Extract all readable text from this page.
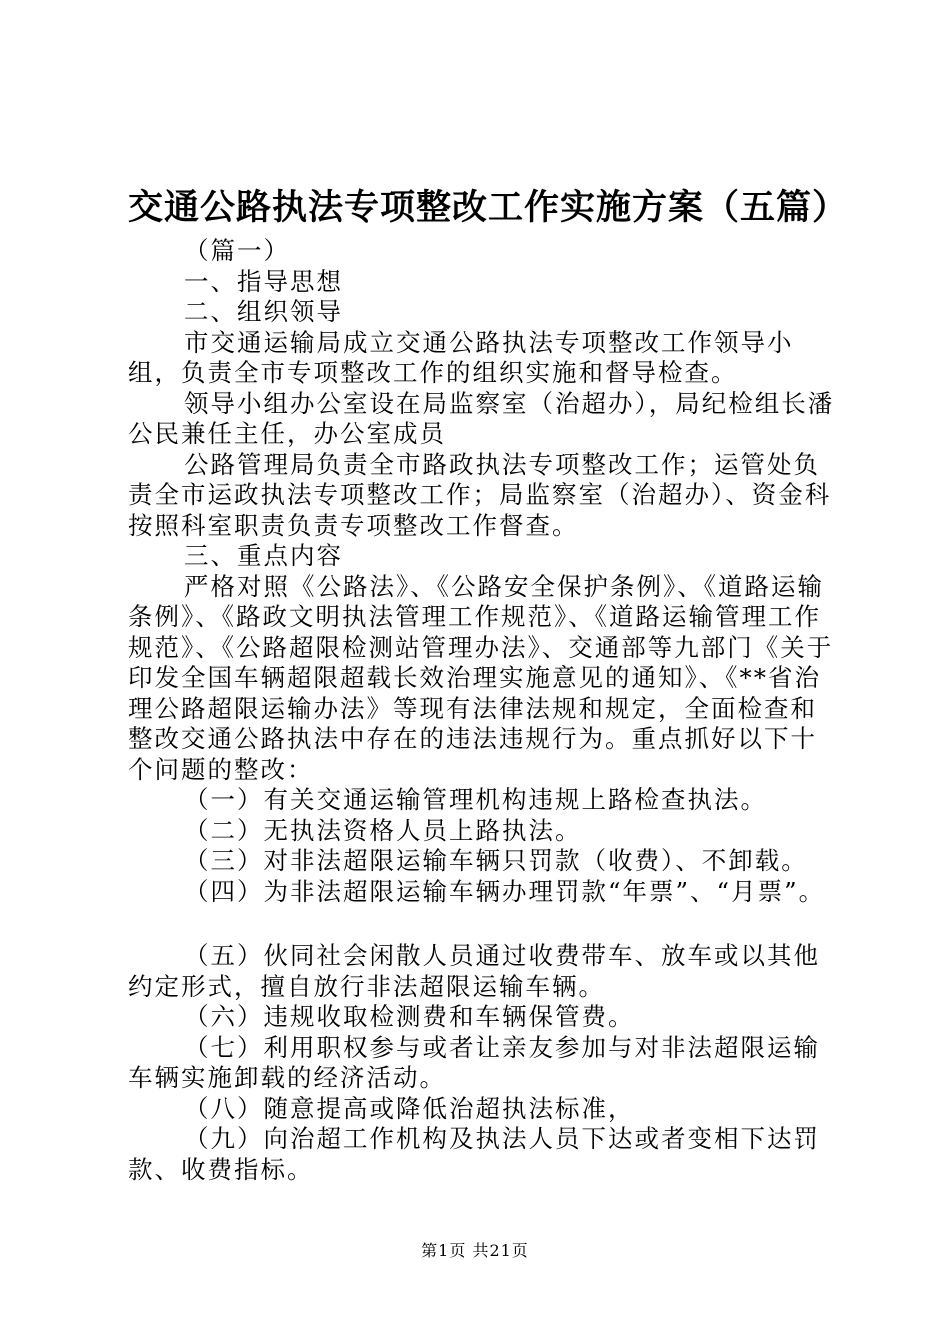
交通公路执法专项整改工作实施方案（五篇）

（篇一）

一、指导思想

二、组织领导

市交通运输局成立交通公路执法专项整改工作领导小组，负责全市专项整改工作的组织实施和督导检查。

领导小组办公室设在局监察室（治超办），局纪检组长潘公民兼任主任，办公室成员

公路管理局负责全市路政执法专项整改工作；运管处负责全市运政执法专项整改工作；局监察室（治超办）、资金科按照科室职责负责专项整改工作督查。

三、重点内容

严格对照《公路法》、《公路安全保护条例》、《道路运输条例》、《路政文明执法管理工作规范》、《道路运输管理工作规范》、《公路超限检测站管理办法》、交通部等九部门《关于印发全国车辆超限超载长效治理实施意见的通知》、《**省治理公路超限运输办法》等现有法律法规和规定，全面检查和整改交通公路执法中存在的违法违规行为。重点抓好以下十个问题的整改：

（一）有关交通运输管理机构违规上路检查执法。

（二）无执法资格人员上路执法。

（三）对非法超限运输车辆只罚款（收费）、不卸载。

（四）为非法超限运输车辆办理罚款“年票”、“月票”。

（五）伙同社会闲散人员通过收费带车、放车或以其他约定形式，擅自放行非法超限运输车辆。

（六）违规收取检测费和车辆保管费。

（七）利用职权参与或者让亲友参加与对非法超限运输车辆实施卸载的经济活动。

（八）随意提高或降低治超执法标准，

（九）向治超工作机构及执法人员下达或者变相下达罚款、收费指标。

第1页 共21页
